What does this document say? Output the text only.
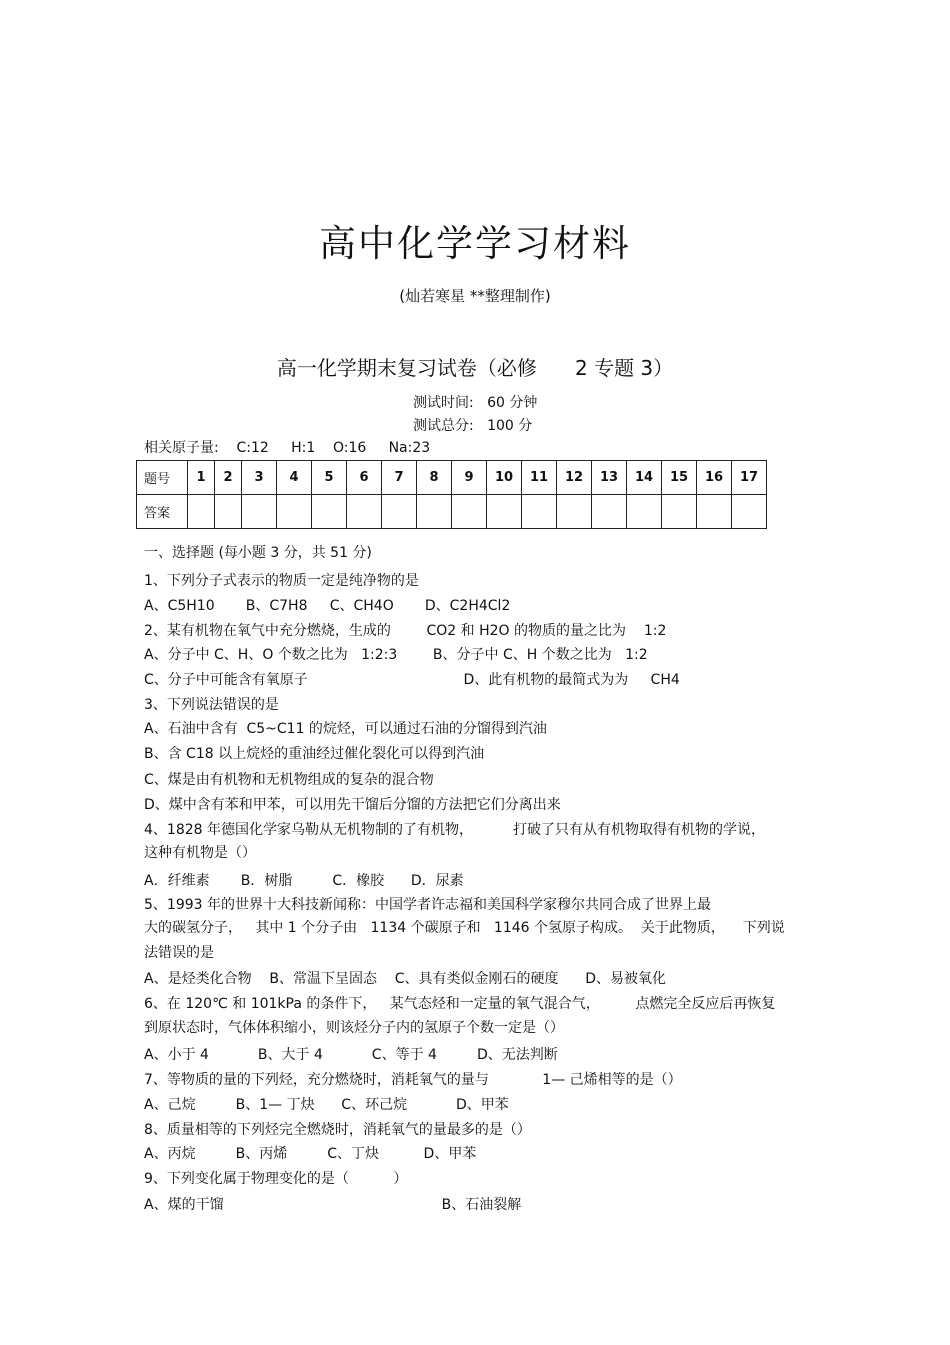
高中化学学习材料
(灿若寒星 **整理制作)
高一化学期末复习试卷（必修      2 专题 3）
测试时间:   60 分钟
测试总分:   100 分
相关原子量:    C:12     H:1    O:16     Na:23
题号	1	2	3	4	5	6	7	8	9	10	11	12	13	14	15	16	17
答案																	
一、选择题 (每小题 3 分，共 51 分)
1、下列分子式表示的物质一定是纯净物的是
A、C5H10       B、C7H8     C、CH4O       D、C2H4Cl2
2、某有机物在氧气中充分燃烧，生成的        CO2 和 H2O 的物质的量之比为    1:2
A、分子中 C、H、O 个数之比为   1:2:3        B、分子中 C、H 个数之比为   1:2
C、分子中可能含有氧原子                                   D、此有机物的最简式为为     CH4
3、下列说法错误的是
A、石油中含有  C5~C11 的烷烃，可以通过石油的分馏得到汽油
B、含 C18 以上烷烃的重油经过催化裂化可以得到汽油
C、煤是由有机物和无机物组成的复杂的混合物
D、煤中含有苯和甲苯，可以用先干馏后分馏的方法把它们分离出来
4、1828 年德国化学家乌勒从无机物制的了有机物，         打破了只有从有机物取得有机物的学说，
这种有机物是（）
A．纤维素       B．树脂         C．橡胶      D．尿素
5、1993 年的世界十大科技新闻称：中国学者许志福和美国科学家穆尔共同合成了世界上最
大的碳氢分子，   其中 1 个分子由   1134 个碳原子和   1146 个氢原子构成。  关于此物质，    下列说
法错误的是
A、是烃类化合物    B、常温下呈固态    C、具有类似金刚石的硬度      D、易被氧化
6、在 120℃ 和 101kPa 的条件下，   某气态烃和一定量的氧气混合气，        点燃完全反应后再恢复
到原状态时，气体体积缩小，则该烃分子内的氢原子个数一定是（）
A、小于 4           B、大于 4           C、等于 4         D、无法判断
7、等物质的量的下列烃，充分燃烧时，消耗氧气的量与            1— 己烯相等的是（）
A、己烷         B、1— 丁炔      C、环己烷           D、甲苯
8、质量相等的下列烃完全燃烧时，消耗氧气的量最多的是（）
A、丙烷         B、丙烯         C、丁炔          D、甲苯
9、下列变化属于物理变化的是（          ）
A、煤的干馏                                                 B、石油裂解
